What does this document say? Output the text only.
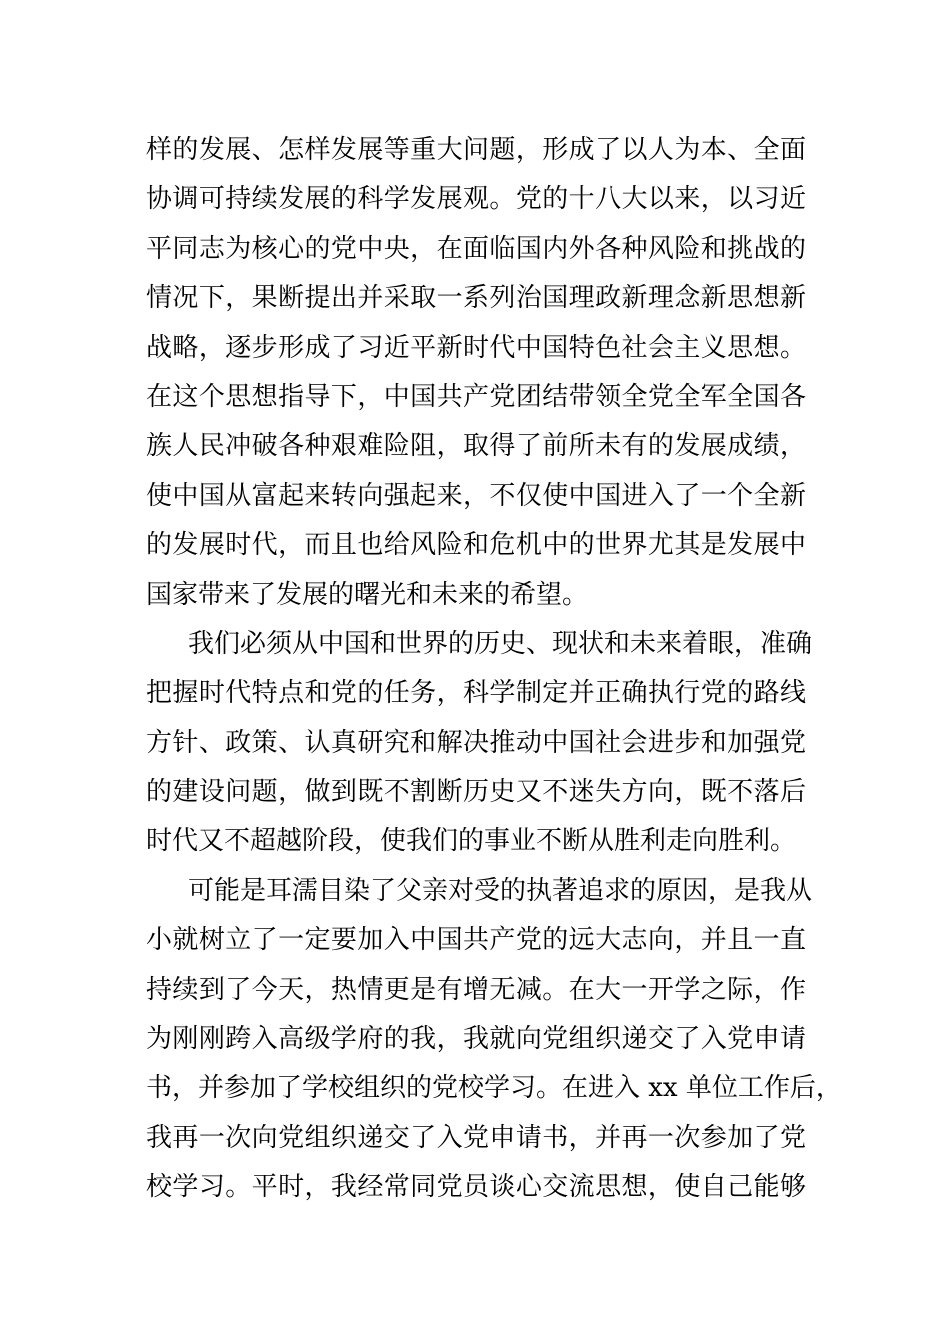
样的发展、怎样发展等重大问题，形成了以人为本、全面
协调可持续发展的科学发展观。党的十八大以来，以习近
平同志为核心的党中央，在面临国内外各种风险和挑战的
情况下，果断提出并采取一系列治国理政新理念新思想新
战略，逐步形成了习近平新时代中国特色社会主义思想。
在这个思想指导下，中国共产党团结带领全党全军全国各
族人民冲破各种艰难险阻，取得了前所未有的发展成绩，
使中国从富起来转向强起来，不仅使中国进入了一个全新
的发展时代，而且也给风险和危机中的世界尤其是发展中
国家带来了发展的曙光和未来的希望。
我们必须从中国和世界的历史、现状和未来着眼，准确
把握时代特点和党的任务，科学制定并正确执行党的路线
方针、政策、认真研究和解决推动中国社会进步和加强党
的建设问题，做到既不割断历史又不迷失方向，既不落后
时代又不超越阶段，使我们的事业不断从胜利走向胜利。
可能是耳濡目染了父亲对受的执著追求的原因，是我从
小就树立了一定要加入中国共产党的远大志向，并且一直
持续到了今天，热情更是有增无减。在大一开学之际，作
为刚刚跨入高级学府的我，我就向党组织递交了入党申请
书，并参加了学校组织的党校学习。在进入 xx 单位工作后，
我再一次向党组织递交了入党申请书，并再一次参加了党
校学习。平时，我经常同党员谈心交流思想，使自己能够
